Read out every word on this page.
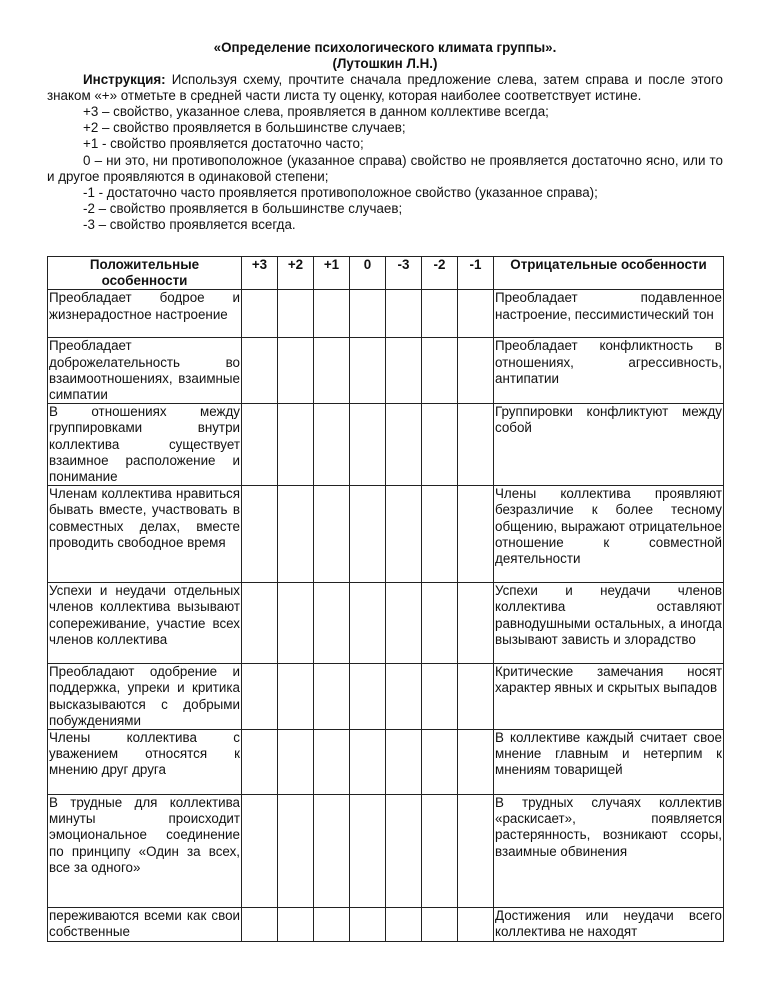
«Определение психологического климата группы».
(Лутошкин Л.Н.)

Инструкция: Используя схему, прочтите сначала предложение слева, затем справа и после этого знаком «+» отметьте в средней части листа ту оценку, которая наиболее соответствует истине.

+3 – свойство, указанное слева, проявляется в данном коллективе всегда;
+2 – свойство проявляется в большинстве случаев;
+1 - свойство проявляется достаточно часто;
0 – ни это, ни противоположное (указанное справа) свойство не проявляется достаточно ясно, или то и другое проявляются в одинаковой степени;
-1 - достаточно часто проявляется противоположное свойство (указанное справа);
-2 – свойство проявляется в большинстве случаев;
-3 – свойство проявляется всегда.
Положительные особенности	+3	+2	+1	0	-3	-2	-1	Отрицательные особенности
Преобладает бодрое и жизнерадостное настроение								Преобладает подавленное настроение, пессимистический тон
Преобладает доброжелательность во взаимоотношениях, взаимные симпатии								Преобладает конфликтность в отношениях, агрессивность, антипатии
В отношениях между группировками внутри коллектива существует взаимное расположение и понимание								Группировки конфликтуют между собой
Членам коллектива нравиться бывать вместе, участвовать в совместных делах, вместе проводить свободное время								Члены коллектива проявляют безразличие к более тесному общению, выражают отрицательное отношение к совместной деятельности
Успехи и неудачи отдельных членов коллектива вызывают сопереживание, участие всех членов коллектива								Успехи и неудачи членов коллектива оставляют равнодушными остальных, а иногда вызывают зависть и злорадство
Преобладают одобрение и поддержка, упреки и критика высказываются с добрыми побуждениями								Критические замечания носят характер явных и скрытых выпадов
Члены коллектива с уважением относятся к мнению друг друга								В коллективе каждый считает свое мнение главным и нетерпим к мнениям товарищей
В трудные для коллектива минуты происходит эмоциональное соединение по принципу «Один за всех, все за одного»								В трудных случаях коллектив «раскисает», появляется растерянность, возникают ссоры, взаимные обвинения
переживаются всеми как свои собственные								Достижения или неудачи всего коллектива не находят
